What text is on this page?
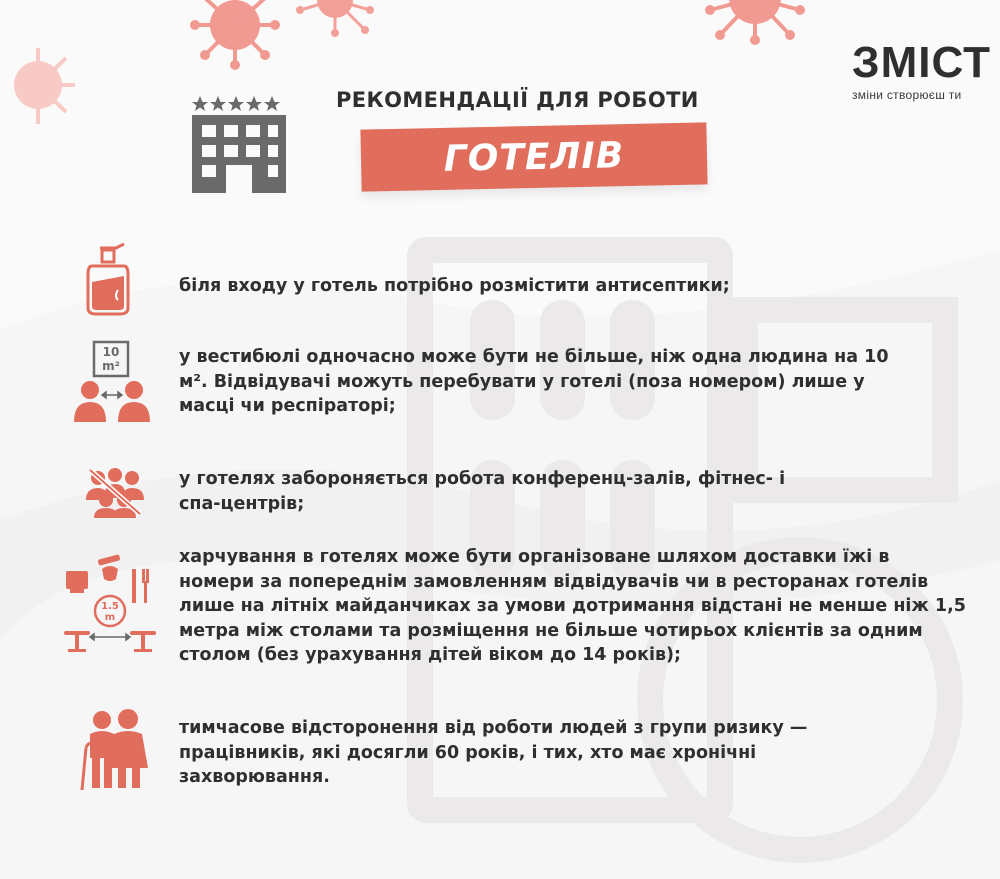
ЗМІСТ
зміни створюєш ти
РЕКОМЕНДАЦІЇ ДЛЯ РОБОТИ
ГОТЕЛІВ
біля входу у готель потрібно розмістити антисептики;
10
m²	у вестибюлі одночасно може бути не більше, ніж одна людина на 10 м². Відвідувачі можуть перебувати у готелі (поза номером) лише у масці чи респіраторі;
у готелях забороняється робота конференц-залів, фітнес- і спа-центрів;
1.5
m
харчування в готелях може бути організоване шляхом доставки їжі в номери за попереднім замовленням відвідувачів чи в ресторанах готелів лише на літніх майданчиках за умови дотримання відстані не менше ніж 1,5 метра між столами та розміщення не більше чотирьох клієнтів за одним столом (без урахування дітей віком до 14 років);
тимчасове відсторонення від роботи людей з групи ризику — працівників, які досягли 60 років, і тих, хто має хронічні захворювання.
